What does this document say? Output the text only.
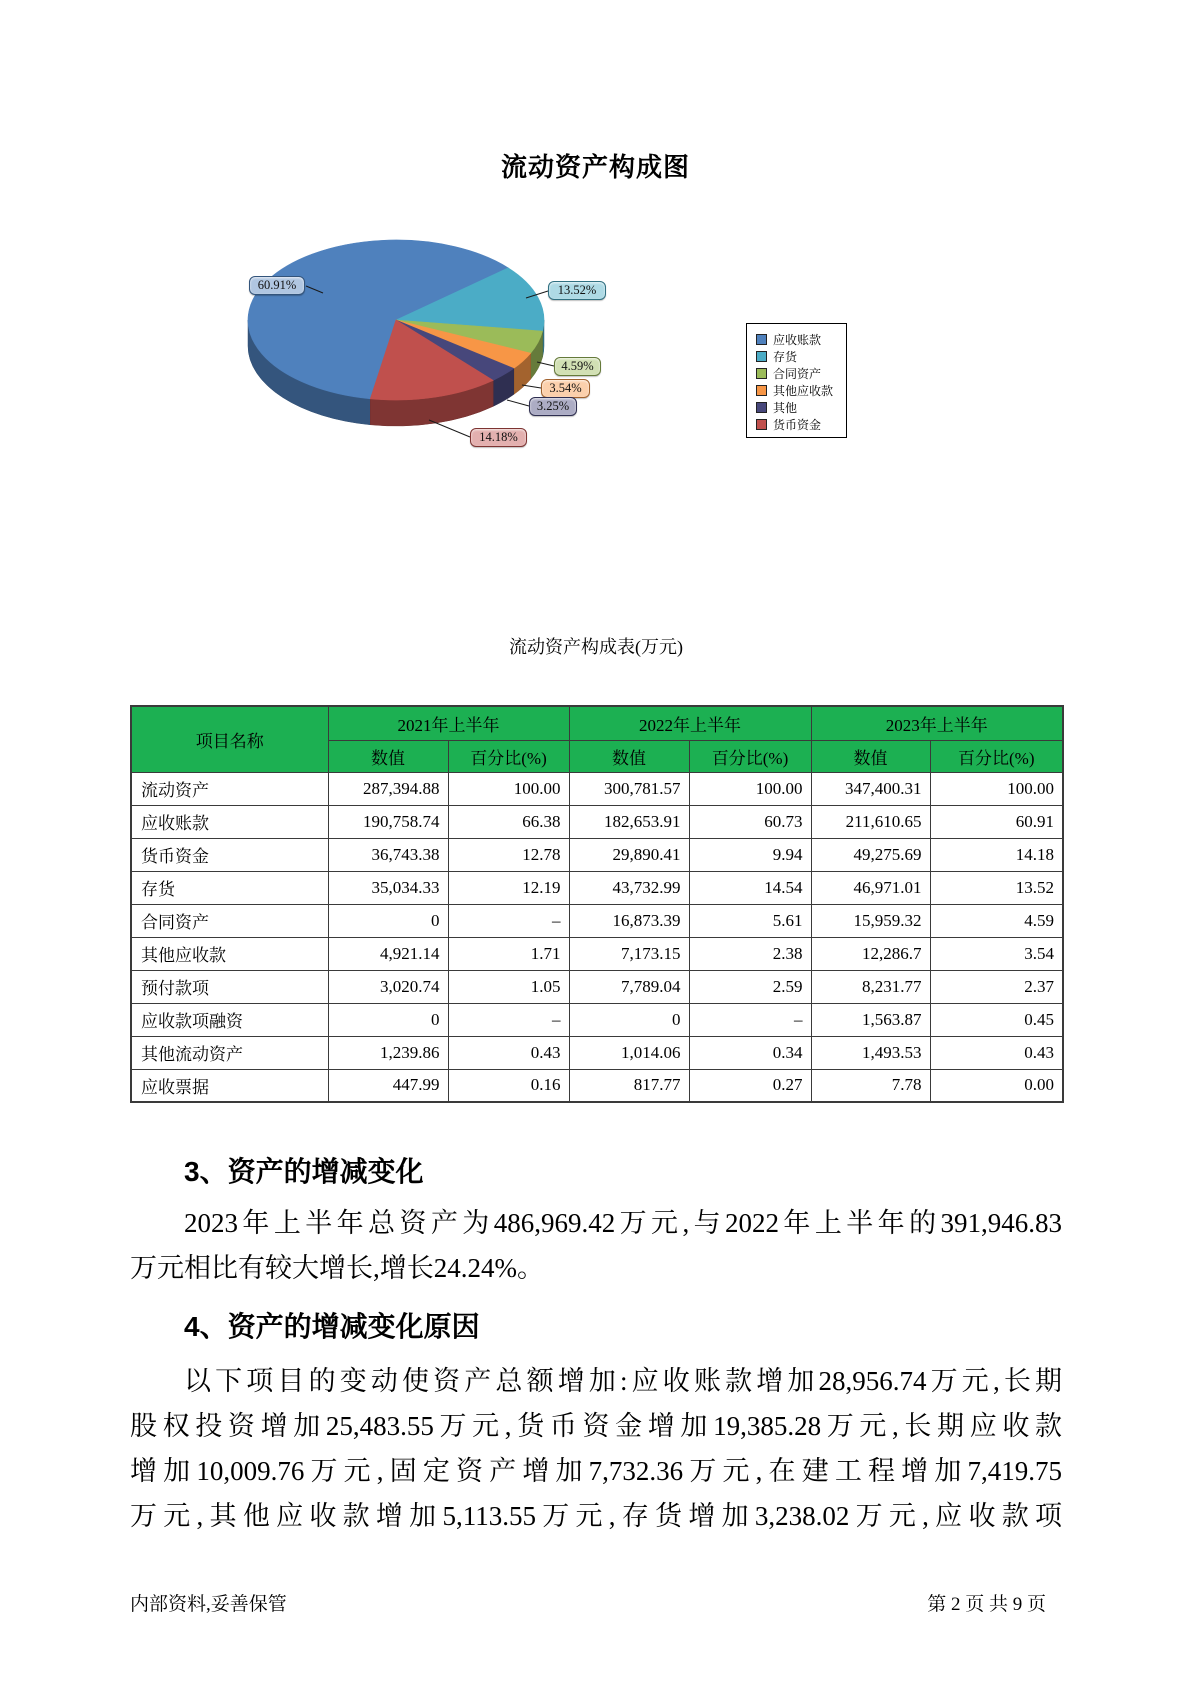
流动资产构成图
应收账款
存货
合同资产
其他应收款
其他
货币资金
流动资产构成表(万元)
项目名称	2021年上半年		2022年上半年		2023年上半年	
	数值	百分比(%)	数值	百分比(%)	数值	百分比(%)
流动资产	287,394.88	100.00	300,781.57	100.00	347,400.31	100.00
应收账款	190,758.74	66.38	182,653.91	60.73	211,610.65	60.91
货币资金	36,743.38	12.78	29,890.41	9.94	49,275.69	14.18
存货	35,034.33	12.19	43,732.99	14.54	46,971.01	13.52
合同资产	0	–	16,873.39	5.61	15,959.32	4.59
其他应收款	4,921.14	1.71	7,173.15	2.38	12,286.7	3.54
预付款项	3,020.74	1.05	7,789.04	2.59	8,231.77	2.37
应收款项融资	0	–	0	–	1,563.87	0.45
其他流动资产	1,239.86	0.43	1,014.06	0.34	1,493.53	0.43
应收票据	447.99	0.16	817.77	0.27	7.78	0.00
3、资产的增减变化
2023年上半年总资产为486,969.42万元,与2022年上半年的391,946.83
万元相比有较大增长,增长24.24%。
4、资产的增减变化原因
以下项目的变动使资产总额增加:应收账款增加28,956.74万元,长期
股权投资增加25,483.55万元,货币资金增加19,385.28万元,长期应收款
增加10,009.76万元,固定资产增加7,732.36万元,在建工程增加7,419.75
万元,其他应收款增加5,113.55万元,存货增加3,238.02万元,应收款项
内部资料,妥善保管	第 2 页 共 9 页
60.91%	13.52%
4.59%
3.54%
3.25%
14.18%
